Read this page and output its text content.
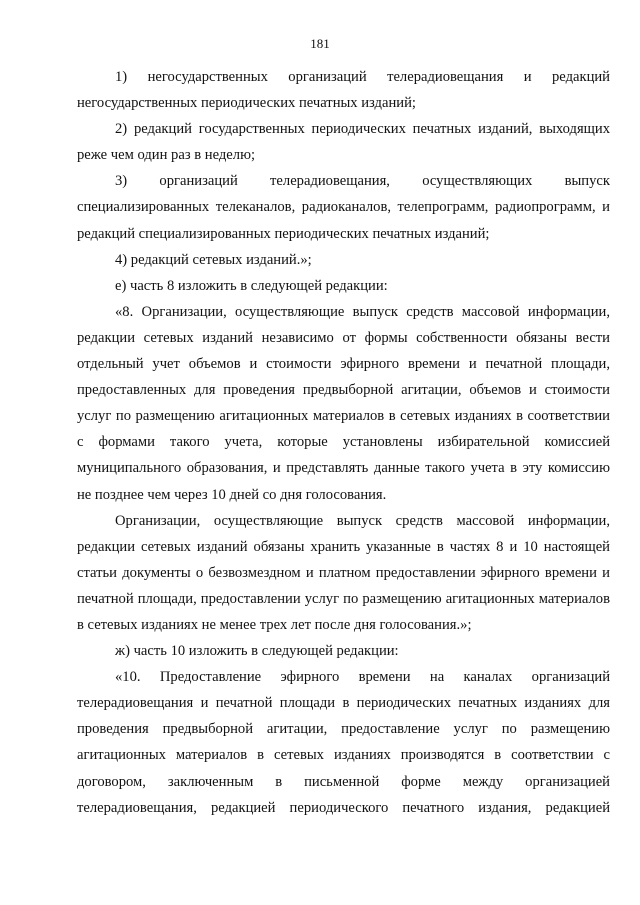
181

1) негосударственных организаций телерадиовещания и редакций негосударственных периодических печатных изданий;

2) редакций государственных периодических печатных изданий, выходящих реже чем один раз в неделю;

3) организаций телерадиовещания, осуществляющих выпуск специализированных телеканалов, радиоканалов, телепрограмм, радиопрограмм, и редакций специализированных периодических печатных изданий;

4) редакций сетевых изданий.»;

е) часть 8 изложить в следующей редакции:

«8. Организации, осуществляющие выпуск средств массовой информации, редакции сетевых изданий независимо от формы собственности обязаны вести отдельный учет объемов и стоимости эфирного времени и печатной площади, предоставленных для проведения предвыборной агитации, объемов и стоимости услуг по размещению агитационных материалов в сетевых изданиях в соответствии с формами такого учета, которые установлены избирательной комиссией муниципального образования, и представлять данные такого учета в эту комиссию не позднее чем через 10 дней со дня голосования.

Организации, осуществляющие выпуск средств массовой информации, редакции сетевых изданий обязаны хранить указанные в частях 8 и 10 настоящей статьи документы о безвозмездном и платном предоставлении эфирного времени и печатной площади, предоставлении услуг по размещению агитационных материалов в сетевых изданиях не менее трех лет после дня голосования.»;

ж) часть 10 изложить в следующей редакции:

«10. Предоставление эфирного времени на каналах организаций телерадиовещания и печатной площади в периодических печатных изданиях для проведения предвыборной агитации, предоставление услуг по размещению агитационных материалов в сетевых изданиях производятся в соответствии с договором, заключенным в письменной форме между организацией телерадиовещания, редакцией периодического печатного издания, редакцией
